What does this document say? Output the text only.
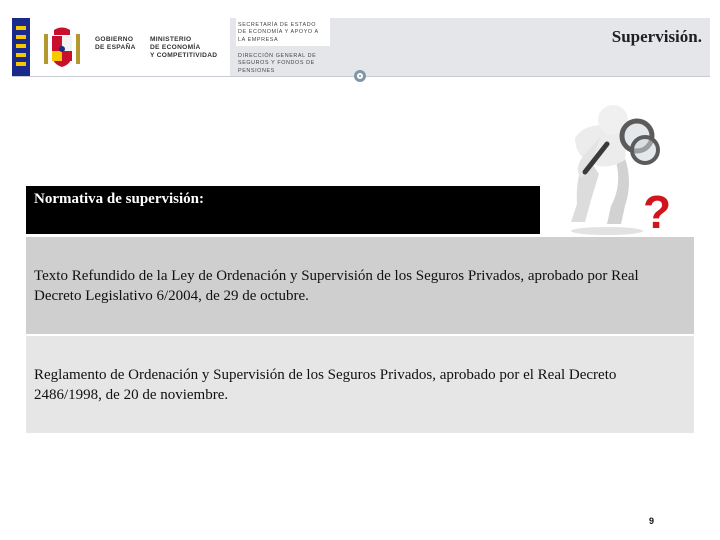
GOBIERNO
DE ESPAÑA
MINISTERIO
DE ECONOMÍA
Y COMPETITIVIDAD
SECRETARÍA DE ESTADO
DE ECONOMÍA Y APOYO A
LA EMPRESA
DIRECCIÓN GENERAL DE
SEGUROS Y FONDOS DE
PENSIONES
Supervisión.
?
Normativa de supervisión:
Texto Refundido de la Ley de Ordenación y Supervisión de los Seguros Privados, aprobado por Real Decreto Legislativo 6/2004, de 29 de octubre.
Reglamento de Ordenación y Supervisión de los Seguros Privados, aprobado por el Real Decreto 2486/1998, de 20 de noviembre.
9
